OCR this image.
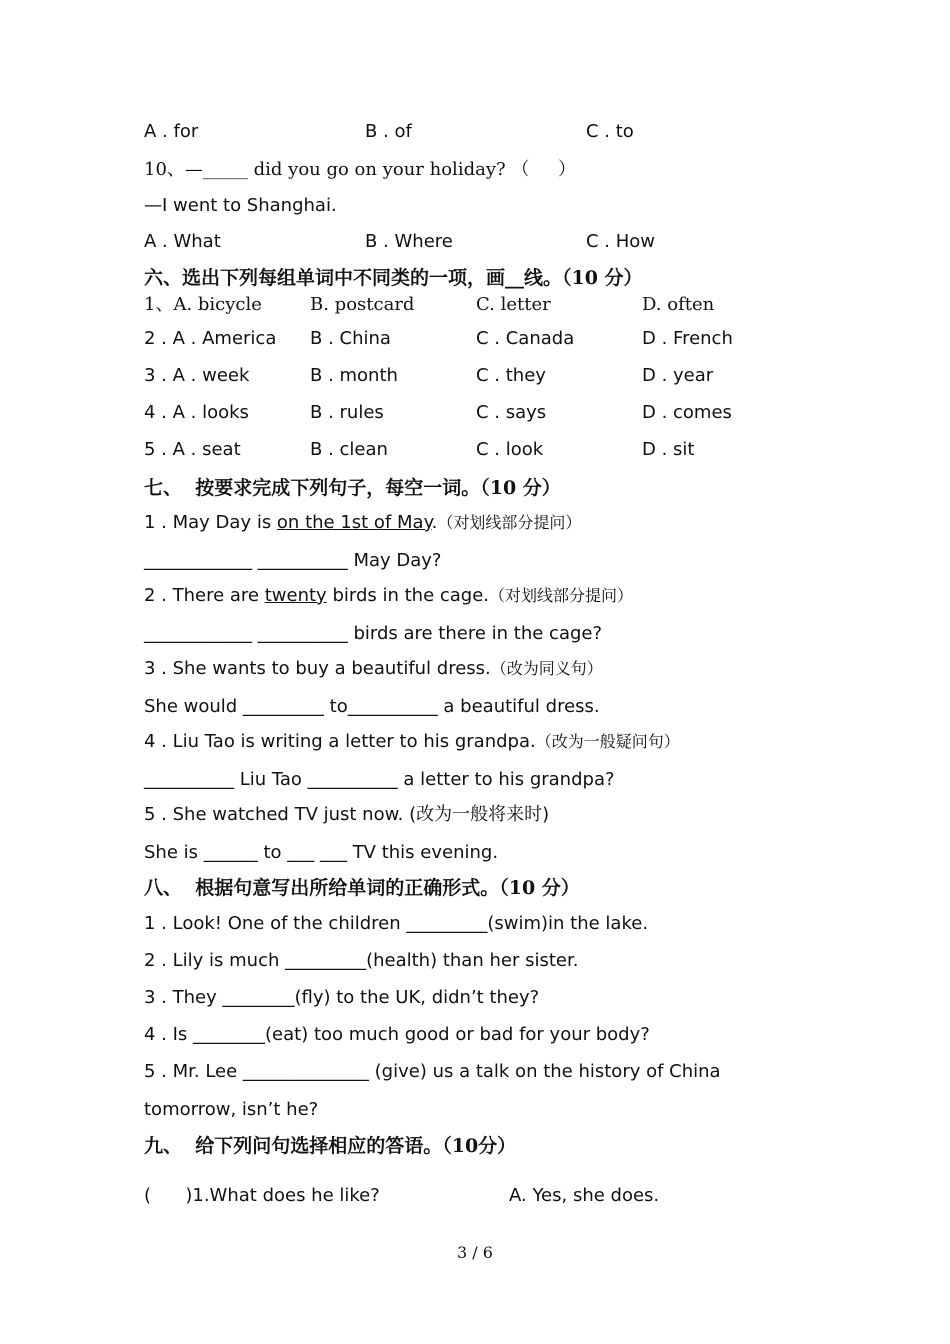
A . for	B . of	C . to
10、—_____ did you go on your holiday? （     ）
—I went to Shanghai.
A . What	B . Where	C . How
六、选出下列每组单词中不同类的一项，画__线。（10 分）
1、A. bicycle	B. postcard	C. letter	D. often
2 . A . America B . China	C . Canada	D . French
3 . A . week	B . month	C . they	D . year
4 . A . looks	B . rules	C . says	D . comes
5 . A . seat	B . clean	C . look	D . sit
七、  按要求完成下列句子，每空一词。（10 分）
1 . May Day is on the 1st of May.（对划线部分提问）
____________ __________ May Day?
2 . There are twenty birds in the cage.（对划线部分提问）
____________ __________ birds are there in the cage?
3 . She wants to buy a beautiful dress.（改为同义句）
She would _________ to__________ a beautiful dress.
4 . Liu Tao is writing a letter to his grandpa.（改为一般疑问句）
__________ Liu Tao __________ a letter to his grandpa?
5 . She watched TV just now. (改为一般将来时)
She is ______ to ___ ___ TV this evening.
八、  根据句意写出所给单词的正确形式。（10 分）
1 . Look! One of the children _________(swim)in the lake.
2 . Lily is much _________(health) than her sister.
3 . They ________(fly) to the UK, didn’t they?
4 . Is ________(eat) too much good or bad for your body?
5 . Mr. Lee ______________ (give) us a talk on the history of China
tomorrow, isn’t he?
九、  给下列问句选择相应的答语。（10分）
(      )1.What does he like?	A. Yes, she does.
3 / 6
